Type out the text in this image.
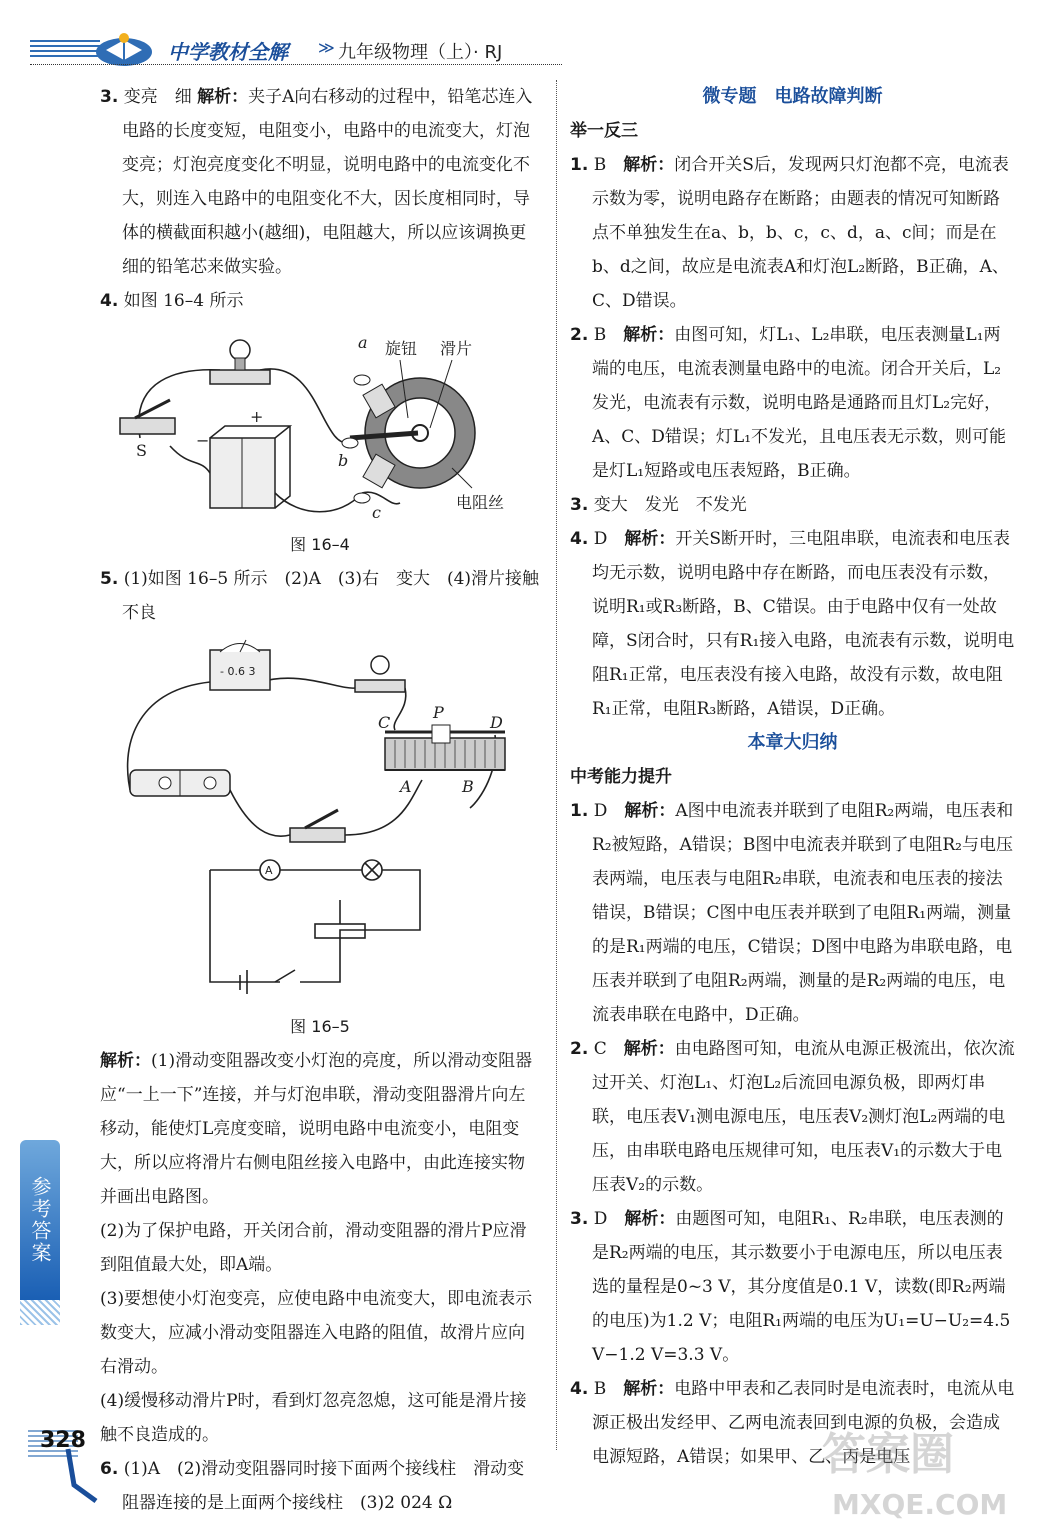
中学教材全解 ≫ 九年级物理（上）· RJ

3. 变亮　细 解析：夹子A向右移动的过程中，铅笔芯连入电路的长度变短，电阻变小，电路中的电流变大，灯泡变亮；灯泡亮度变化不明显，说明电路中的电流变化不大，则连入电路中的电阻变化不大，因长度相同时，导体的横截面积越小(越细)，电阻越大，所以应该调换更细的铅笔芯来做实验。

4. 如图 16–4 所示

a
b
c
S
−
+
旋钮 滑片
电阻丝

图 16–4

5. (1)如图 16–5 所示　(2)A　(3)右　变大　(4)滑片接触不良

C
P
D
A	B
- 0.6 3
A

图 16–5

解析：(1)滑动变阻器改变小灯泡的亮度，所以滑动变阻器应“一上一下”连接，并与灯泡串联，滑动变阻器滑片向左移动，能使灯L亮度变暗，说明电路中电流变小，电阻变大，所以应将滑片右侧电阻丝接入电路中，由此连接实物并画出电路图。

(2)为了保护电路，开关闭合前，滑动变阻器的滑片P应滑到阻值最大处，即A端。

(3)要想使小灯泡变亮，应使电路中电流变大，即电流表示数变大，应减小滑动变阻器连入电路的阻值，故滑片应向右滑动。

(4)缓慢移动滑片P时，看到灯忽亮忽熄，这可能是滑片接触不良造成的。

6. (1)A　(2)滑动变阻器同时接下面两个接线柱　滑动变阻器连接的是上面两个接线柱　(3)2 024 Ω

微专题　电路故障判断

举一反三

1. B　 解析：闭合开关S后，发现两只灯泡都不亮，电流表示数为零，说明电路存在断路；由题表的情况可知断路点不单独发生在a、b，b、c，c、d，a、c间；而是在b、d之间，故应是电流表A和灯泡L₂断路，B正确，A、C、D错误。

2. B　 解析：由图可知，灯L₁、L₂串联，电压表测量L₁两端的电压，电流表测量电路中的电流。闭合开关后，L₂发光，电流表有示数，说明电路是通路而且灯L₂完好，A、C、D错误；灯L₁不发光，且电压表无示数，则可能是灯L₁短路或电压表短路，B正确。

3. 变大　发光　不发光

4. D　 解析：开关S断开时，三电阻串联，电流表和电压表均无示数，说明电路中存在断路，而电压表没有示数，说明R₁或R₃断路，B、C错误。由于电路中仅有一处故障，S闭合时，只有R₁接入电路，电流表有示数，说明电阻R₁正常，电压表没有接入电路，故没有示数，故电阻R₁正常，电阻R₃断路，A错误，D正确。

本章大归纳

中考能力提升

1. D　 解析：A图中电流表并联到了电阻R₂两端，电压表和R₂被短路，A错误；B图中电流表并联到了电阻R₂与电压表两端，电压表与电阻R₂串联，电流表和电压表的接法错误，B错误；C图中电压表并联到了电阻R₁两端，测量的是R₁两端的电压，C错误；D图中电路为串联电路，电压表并联到了电阻R₂两端，测量的是R₂两端的电压，电流表串联在电路中，D正确。

2. C　 解析：由电路图可知，电流从电源正极流出，依次流过开关、灯泡L₁、灯泡L₂后流回电源负极，即两灯串联，电压表V₁测电源电压，电压表V₂测灯泡L₂两端的电压，由串联电路电压规律可知，电压表V₁的示数大于电压表V₂的示数。

3. D　 解析：由题图可知，电阻R₁、R₂串联，电压表测的是R₂两端的电压，其示数要小于电源电压，所以电压表选的量程是0~3 V，其分度值是0.1 V，读数(即R₂两端的电压)为1.2 V；电阻R₁两端的电压为U₁=U−U₂=4.5 V−1.2 V=3.3 V。

4. B　 解析：电路中甲表和乙表同时是电流表时，电流从电源正极出发经甲、乙两电流表回到电源的负极，会造成电源短路，A错误；如果甲、乙、丙是电压

参考答案
328	答案圈
MXQE.COM
